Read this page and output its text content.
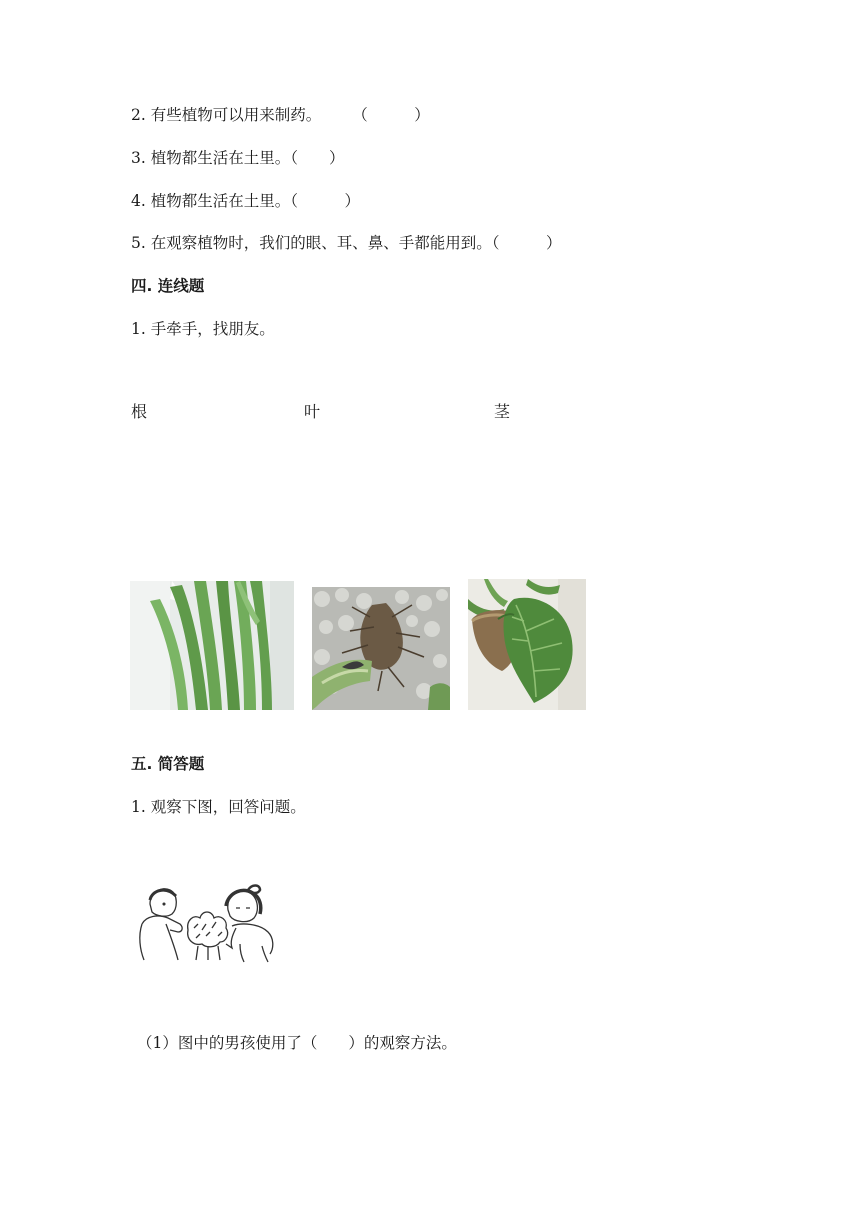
2. 有些植物可以用来制药。　　　（　　　）
3. 植物都生活在土里。（　　）
4. 植物都生活在土里。（　　　）
5. 在观察植物时，我们的眼、耳、鼻、手都能用到。（　　　）
四. 连线题
1. 手牵手，找朋友。
根	叶	茎
五. 简答题
1. 观察下图，回答问题。
（1）图中的男孩使用了（　　）的观察方法。
